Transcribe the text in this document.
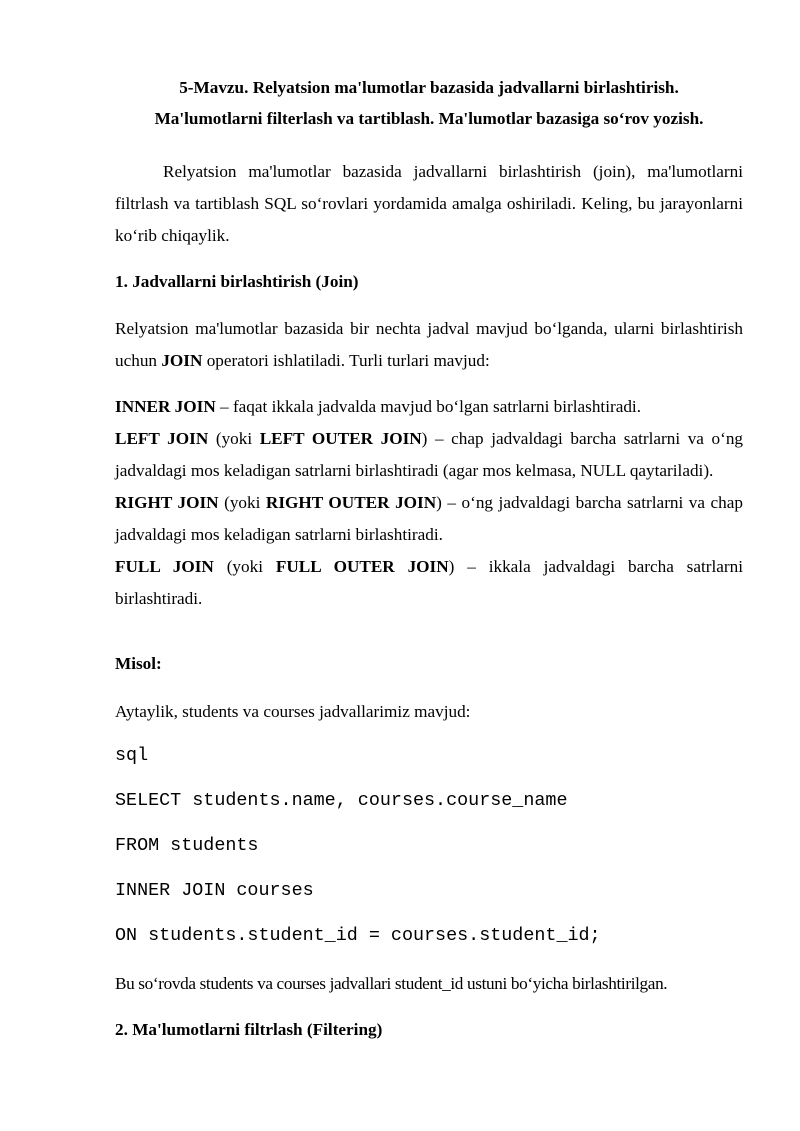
5-Mavzu. Relyatsion ma'lumotlar bazasida jadvallarni birlashtirish.
Ma'lumotlarni filterlash va tartiblash. Ma'lumotlar bazasiga so‘rov yozish.
Relyatsion ma'lumotlar bazasida jadvallarni birlashtirish (join), ma'lumotlarni filtrlash va tartiblash SQL so‘rovlari yordamida amalga oshiriladi. Keling, bu jarayonlarni ko‘rib chiqaylik.
1. Jadvallarni birlashtirish (Join)
Relyatsion ma'lumotlar bazasida bir nechta jadval mavjud bo‘lganda, ularni birlashtirish uchun JOIN operatori ishlatiladi. Turli turlari mavjud:
INNER JOIN – faqat ikkala jadvalda mavjud bo‘lgan satrlarni birlashtiradi.
LEFT JOIN (yoki LEFT OUTER JOIN) – chap jadvaldagi barcha satrlarni va o‘ng jadvaldagi mos keladigan satrlarni birlashtiradi (agar mos kelmasa, NULL qaytariladi).
RIGHT JOIN (yoki RIGHT OUTER JOIN) – o‘ng jadvaldagi barcha satrlarni va chap jadvaldagi mos keladigan satrlarni birlashtiradi.
FULL JOIN (yoki FULL OUTER JOIN) – ikkala jadvaldagi barcha satrlarni birlashtiradi.
Misol:
Aytaylik, students va courses jadvallarimiz mavjud:
sql
SELECT students.name, courses.course_name
FROM students
INNER JOIN courses
ON students.student_id = courses.student_id;
Bu so‘rovda students va courses jadvallari student_id ustuni bo‘yicha birlashtirilgan.
2. Ma'lumotlarni filtrlash (Filtering)
